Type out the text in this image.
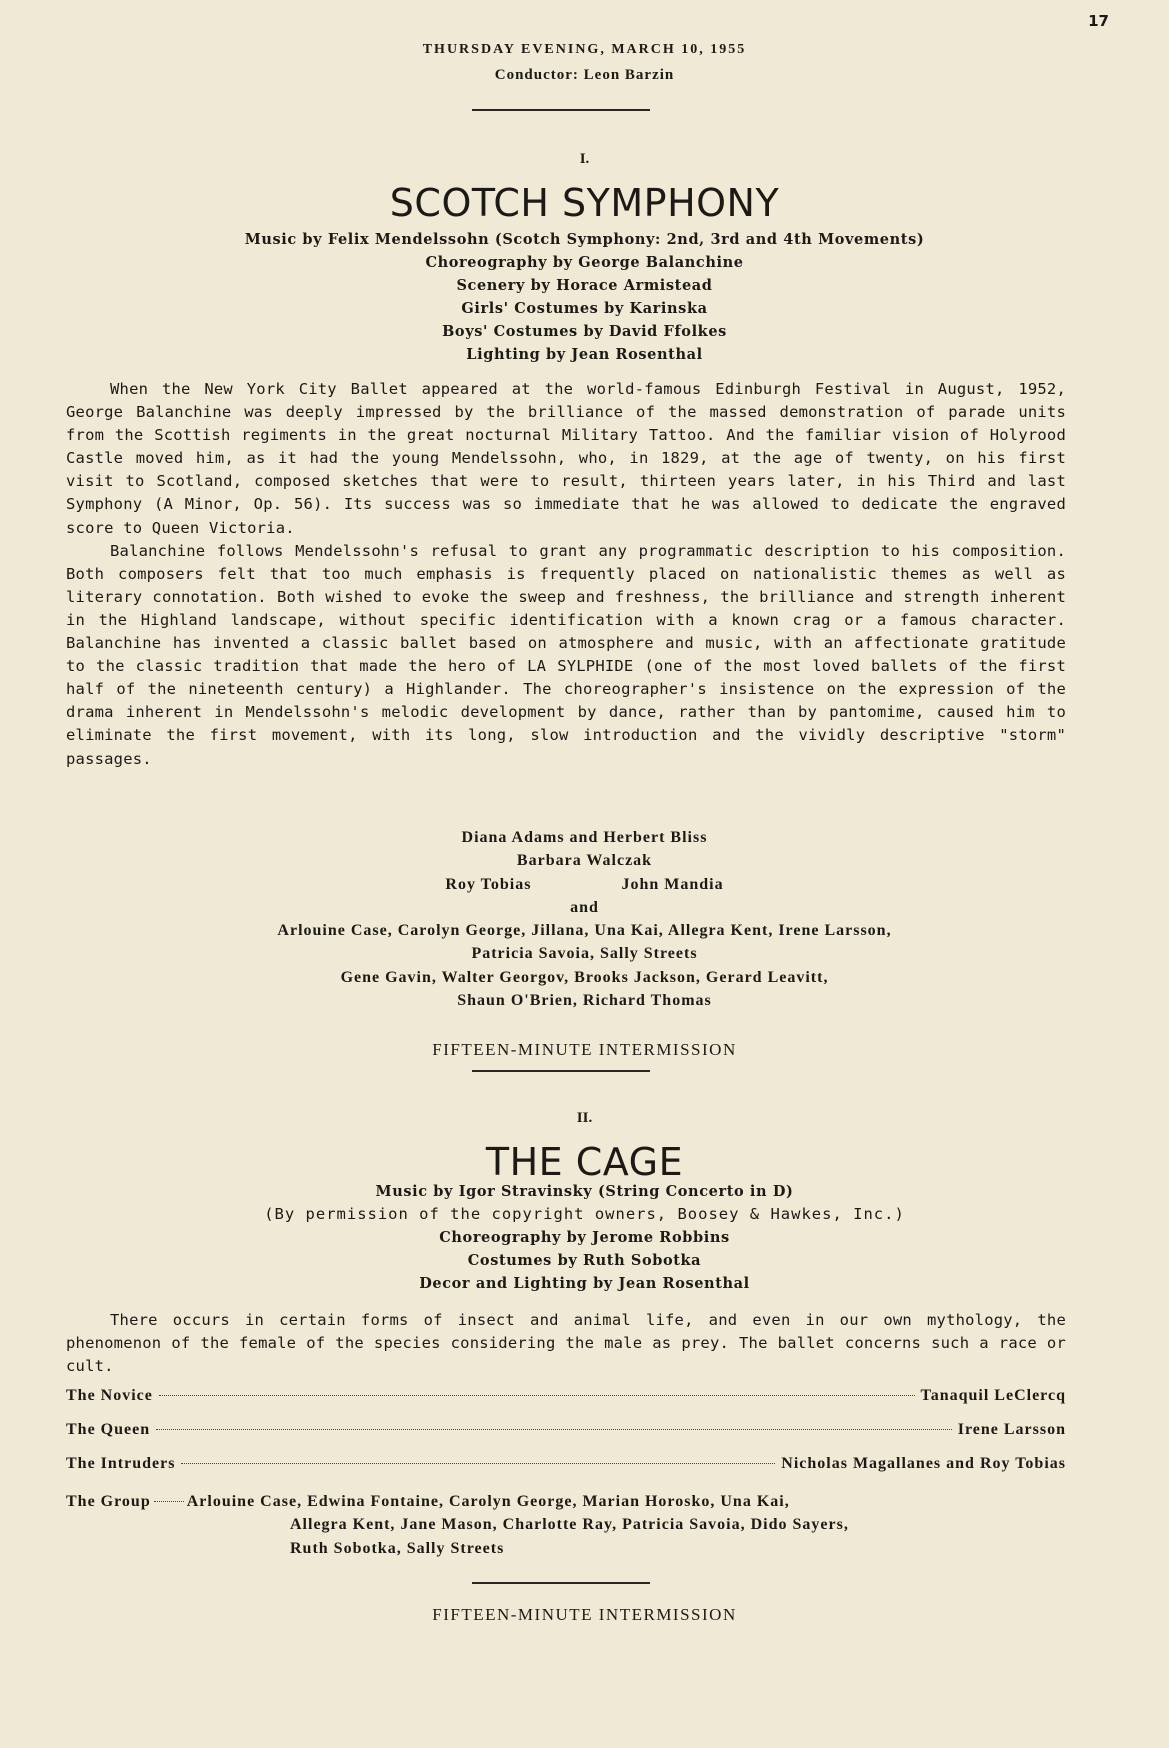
17
THURSDAY EVENING, MARCH 10, 1955
Conductor: Leon Barzin
I.
SCOTCH SYMPHONY
Music by Felix Mendelssohn (Scotch Symphony: 2nd, 3rd and 4th Movements)
Choreography by George Balanchine
Scenery by Horace Armistead
Girls' Costumes by Karinska
Boys' Costumes by David Ffolkes
Lighting by Jean Rosenthal

When the New York City Ballet appeared at the world-famous Edinburgh Festival in August, 1952, George Balanchine was deeply impressed by the brilliance of the massed demonstration of parade units from the Scottish regiments in the great nocturnal Military Tattoo. And the familiar vision of Holyrood Castle moved him, as it had the young Mendelssohn, who, in 1829, at the age of twenty, on his first visit to Scotland, composed sketches that were to result, thirteen years later, in his Third and last Symphony (A Minor, Op. 56). Its success was so immediate that he was allowed to dedicate the engraved score to Queen Victoria.

Balanchine follows Mendelssohn's refusal to grant any programmatic description to his composition. Both composers felt that too much emphasis is frequently placed on nationalistic themes as well as literary connotation. Both wished to evoke the sweep and freshness, the brilliance and strength inherent in the Highland landscape, without specific identification with a known crag or a famous character. Balanchine has invented a classic ballet based on atmosphere and music, with an affectionate gratitude to the classic tradition that made the hero of LA SYLPHIDE (one of the most loved ballets of the first half of the nineteenth century) a Highlander. The choreographer's insistence on the expression of the drama inherent in Mendelssohn's melodic development by dance, rather than by pantomime, caused him to eliminate the first movement, with its long, slow introduction and the vividly descriptive "storm" passages.

Diana Adams and Herbert Bliss
Barbara Walczak
Roy Tobias	John Mandia
and
Arlouine Case, Carolyn George, Jillana, Una Kai, Allegra Kent, Irene Larsson,
Patricia Savoia, Sally Streets
Gene Gavin, Walter Georgov, Brooks Jackson, Gerard Leavitt,
Shaun O'Brien, Richard Thomas
FIFTEEN-MINUTE INTERMISSION
II.
THE CAGE
Music by Igor Stravinsky (String Concerto in D)
(By permission of the copyright owners, Boosey & Hawkes, Inc.)
Choreography by Jerome Robbins
Costumes by Ruth Sobotka
Decor and Lighting by Jean Rosenthal

There occurs in certain forms of insect and animal life, and even in our own mythology, the phenomenon of the female of the species considering the male as prey. The ballet concerns such a race or cult.

The Novice	Tanaquil LeClercq
The Queen	Irene Larsson
The Intruders	Nicholas Magallanes and Roy Tobias
The Group Arlouine Case, Edwina Fontaine, Carolyn George, Marian Horosko, Una Kai,
Allegra Kent, Jane Mason, Charlotte Ray, Patricia Savoia, Dido Sayers,
Ruth Sobotka, Sally Streets
FIFTEEN-MINUTE INTERMISSION
